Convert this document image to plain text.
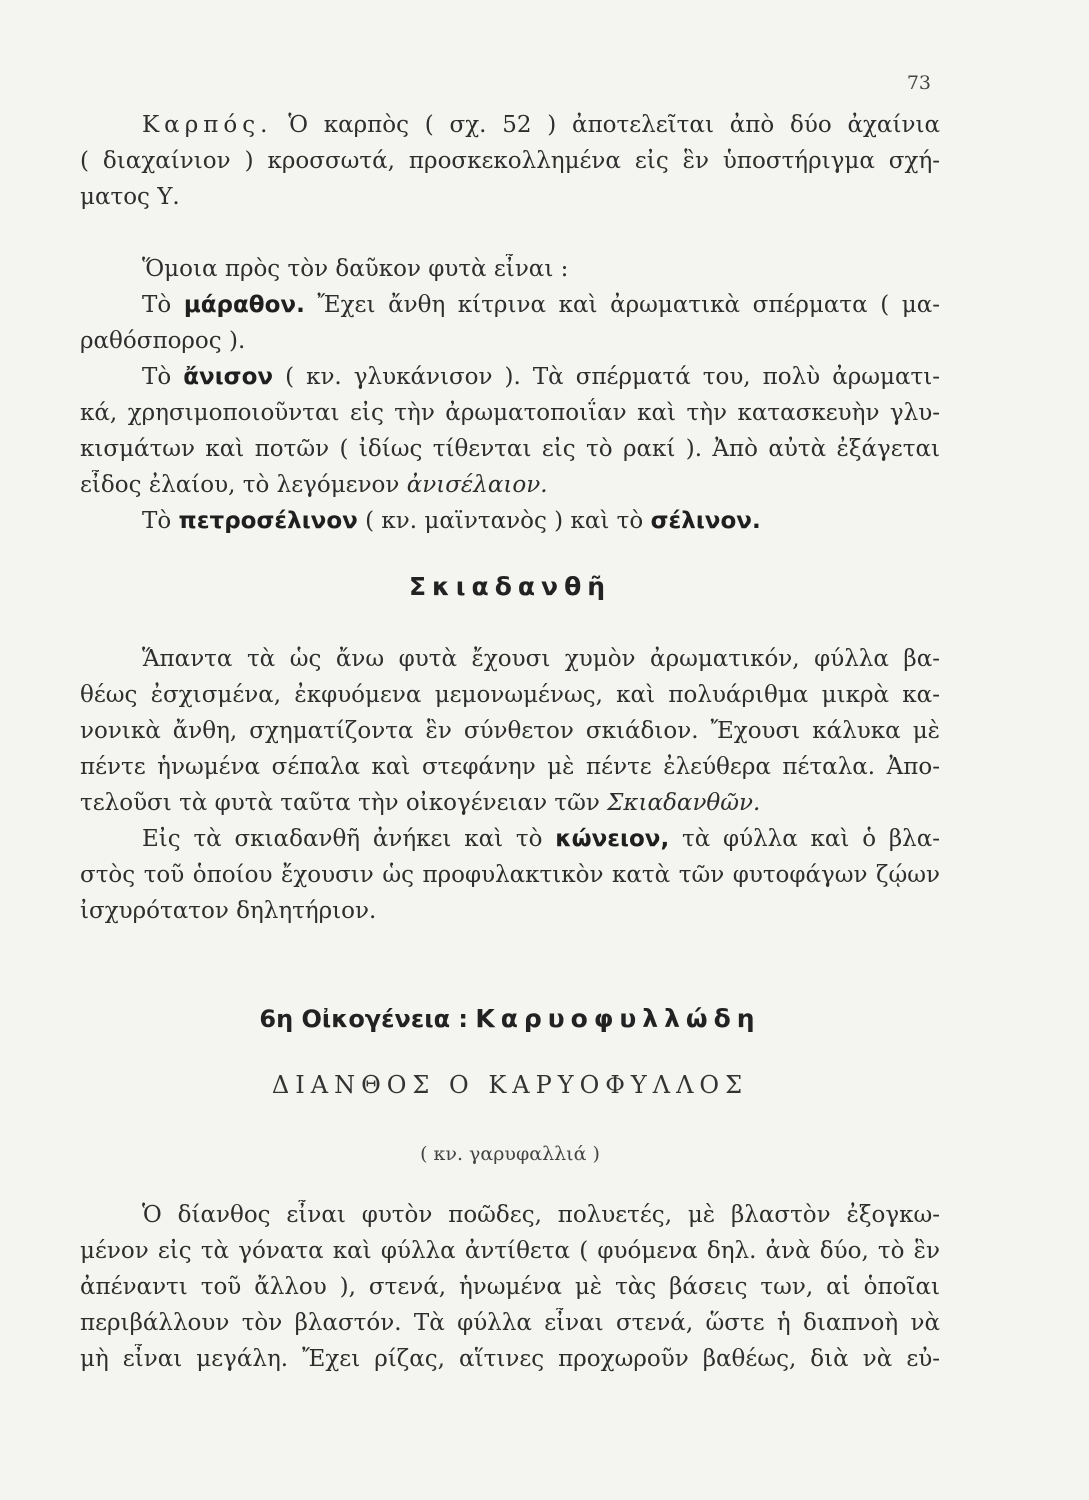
73
Καρπός. Ὁ καρπὸς ( σχ. 52 ) ἀποτελεῖται ἀπὸ δύο ἀχαίνια
( διαχαίνιον ) κροσσωτά, προσκεκολλημένα εἰς ἓν ὑποστήριγμα σχή-
ματος Υ.
Ὅμοια πρὸς τὸν δαῦκον φυτὰ εἶναι :
Τὸ μάραθον. Ἔχει ἄνθη κίτρινα καὶ ἀρωματικὰ σπέρματα ( μα-
ραθόσπορος ).
Τὸ ἄνισον ( κν. γλυκάνισον ). Τὰ σπέρματά του, πολὺ ἀρωματι-
κά, χρησιμοποιοῦνται εἰς τὴν ἀρωματοποιΐαν καὶ τὴν κατασκευὴν γλυ-
κισμάτων καὶ ποτῶν ( ἰδίως τίθενται εἰς τὸ ρακί ). Ἀπὸ αὐτὰ ἐξάγεται
εἶδος ἐλαίου, τὸ λεγόμενον ἀνισέλαιον.
Τὸ πετροσέλινον ( κν. μαϊντανὸς ) καὶ τὸ σέλινον.
Σκιαδανθῆ
Ἅπαντα τὰ ὡς ἄνω φυτὰ ἔχουσι χυμὸν ἀρωματικόν, φύλλα βα-
θέως ἐσχισμένα, ἐκφυόμενα μεμονωμένως, καὶ πολυάριθμα μικρὰ κα-
νονικὰ ἄνθη, σχηματίζοντα ἓν σύνθετον σκιάδιον. Ἔχουσι κάλυκα μὲ
πέντε ἡνωμένα σέπαλα καὶ στεφάνην μὲ πέντε ἐλεύθερα πέταλα. Ἀπο-
τελοῦσι τὰ φυτὰ ταῦτα τὴν οἰκογένειαν τῶν Σκιαδανθῶν.
Εἰς τὰ σκιαδανθῆ ἀνήκει καὶ τὸ κώνειον, τὰ φύλλα καὶ ὁ βλα-
στὸς τοῦ ὁποίου ἔχουσιν ὡς προφυλακτικὸν κατὰ τῶν φυτοφάγων ζῴων
ἰσχυρότατον δηλητήριον.
6η Οἰκογένεια : Καρυοφυλλώδη
ΔΙΑΝΘΟΣ Ο ΚΑΡΥΟΦΥΛΛΟΣ
( κν. γαρυφαλλιά )
Ὁ δίανθος εἶναι φυτὸν ποῶδες, πολυετές, μὲ βλαστὸν ἐξογκω-
μένον εἰς τὰ γόνατα καὶ φύλλα ἀντίθετα ( φυόμενα δηλ. ἀνὰ δύο, τὸ ἓν
ἀπέναντι τοῦ ἄλλου ), στενά, ἡνωμένα μὲ τὰς βάσεις των, αἱ ὁποῖαι
περιβάλλουν τὸν βλαστόν. Τὰ φύλλα εἶναι στενά, ὥστε ἡ διαπνοὴ νὰ
μὴ εἶναι μεγάλη. Ἔχει ρίζας, αἵτινες προχωροῦν βαθέως, διὰ νὰ εὐ-
